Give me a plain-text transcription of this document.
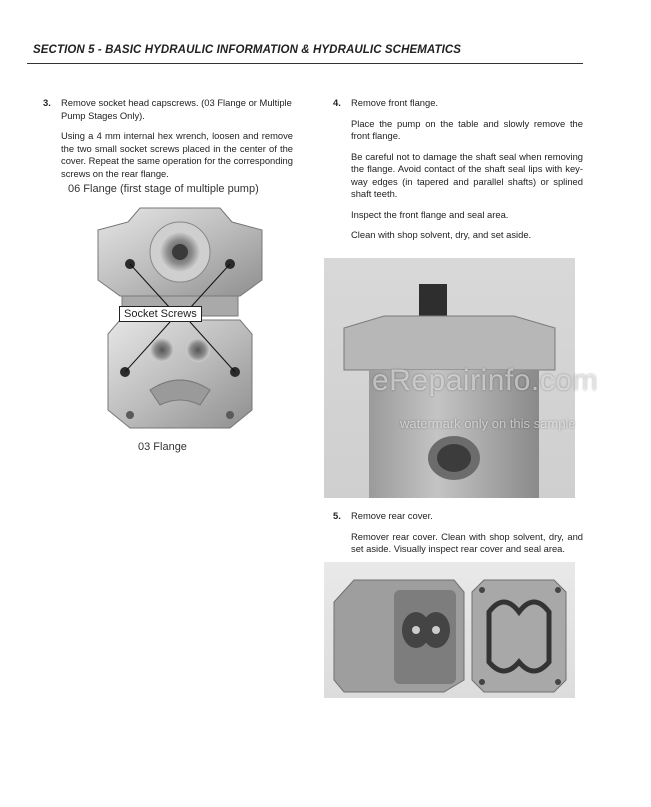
SECTION 5 - BASIC HYDRAULIC INFORMATION & HYDRAULIC SCHEMATICS
3. Remove socket head capscrews. (03 Flange or Multiple Pump Stages Only).

Using a 4 mm internal hex wrench, loosen and remove the two small socket screws placed in the center of the cover. Repeat the same operation for the corresponding screws on the rear flange.

06 Flange (first stage of multiple pump)
Socket Screws
03 Flange
4. Remove front flange.

Place the pump on the table and slowly remove the front flange.

Be careful not to damage the shaft seal when removing the flange. Avoid contact of the shaft seal lips with key-way edges (in tapered and parallel shafts) or splined shaft teeth.

Inspect the front flange and seal area.

Clean with shop solvent, dry, and set aside.

eRepairinfo.com
watermark only on this sample
5. Remove rear cover.

Remover rear cover. Clean with shop solvent, dry, and set aside. Visually inspect rear cover and seal area.
